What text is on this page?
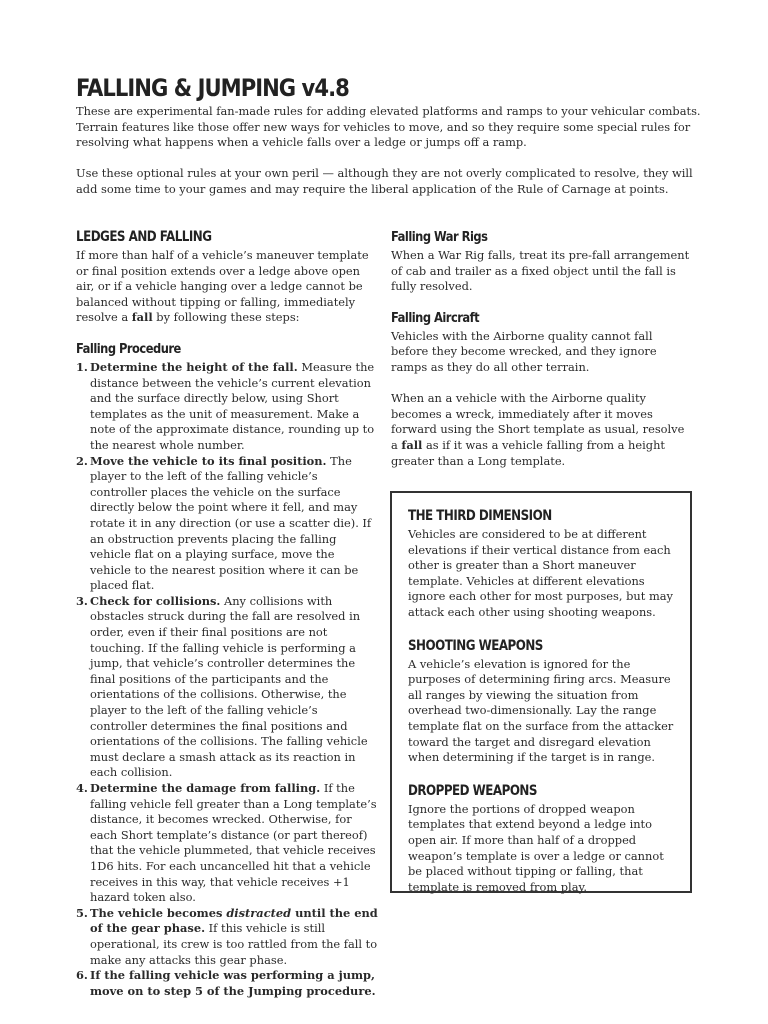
FALLING & JUMPING v4.8

These are experimental fan-made rules for adding elevated platforms and ramps to your vehicular combats. Terrain features like those offer new ways for vehicles to move, and so they require some special rules for resolving what happens when a vehicle falls over a ledge or jumps off a ramp.

Use these optional rules at your own peril — although they are not overly complicated to resolve, they will add some time to your games and may require the liberal application of the Rule of Carnage at points.

LEDGES AND FALLING

If more than half of a vehicle’s maneuver template or final position extends over a ledge above open air, or if a vehicle hanging over a ledge cannot be balanced without tipping or falling, immediately resolve a fall by following these steps:

Falling Procedure
1. Determine the height of the fall. Measure the distance between the vehicle’s current elevation and the surface directly below, using Short templates as the unit of measurement. Make a note of the approximate distance, rounding up to the nearest whole number.
2. Move the vehicle to its final position. The player to the left of the falling vehicle’s controller places the vehicle on the surface directly below the point where it fell, and may rotate it in any direction (or use a scatter die). If an obstruction prevents placing the falling vehicle flat on a playing surface, move the vehicle to the nearest position where it can be placed flat.
3. Check for collisions. Any collisions with obstacles struck during the fall are resolved in order, even if their final positions are not touching. If the falling vehicle is performing a jump, that vehicle’s controller determines the final positions of the participants and the orientations of the collisions. Otherwise, the player to the left of the falling vehicle’s controller determines the final positions and orientations of the collisions. The falling vehicle must declare a smash attack as its reaction in each collision.
4. Determine the damage from falling. If the falling vehicle fell greater than a Long template’s distance, it becomes wrecked. Otherwise, for each Short template’s distance (or part thereof) that the vehicle plummeted, that vehicle receives 1D6 hits. For each uncancelled hit that a vehicle receives in this way, that vehicle receives +1 hazard token also.
5. The vehicle becomes distracted until the end of the gear phase. If this vehicle is still operational, its crew is too rattled from the fall to make any attacks this gear phase.
6. If the falling vehicle was performing a jump, move on to step 5 of the Jumping procedure.
Falling War Rigs

When a War Rig falls, treat its pre-fall arrangement of cab and trailer as a fixed object until the fall is fully resolved.

Falling Aircraft

Vehicles with the Airborne quality cannot fall before they become wrecked, and they ignore ramps as they do all other terrain.

When an a vehicle with the Airborne quality becomes a wreck, immediately after it moves forward using the Short template as usual, resolve a fall as if it was a vehicle falling from a height greater than a Long template.

THE THIRD DIMENSION

Vehicles are considered to be at different elevations if their vertical distance from each other is greater than a Short maneuver template. Vehicles at different elevations ignore each other for most purposes, but may attack each other using shooting weapons.

SHOOTING WEAPONS

A vehicle’s elevation is ignored for the purposes of determining firing arcs. Measure all ranges by viewing the situation from overhead two-dimensionally. Lay the range template flat on the surface from the attacker toward the target and disregard elevation when determining if the target is in range.

DROPPED WEAPONS

Ignore the portions of dropped weapon templates that extend beyond a ledge into open air. If more than half of a dropped weapon’s template is over a ledge or cannot be placed without tipping or falling, that template is removed from play.
